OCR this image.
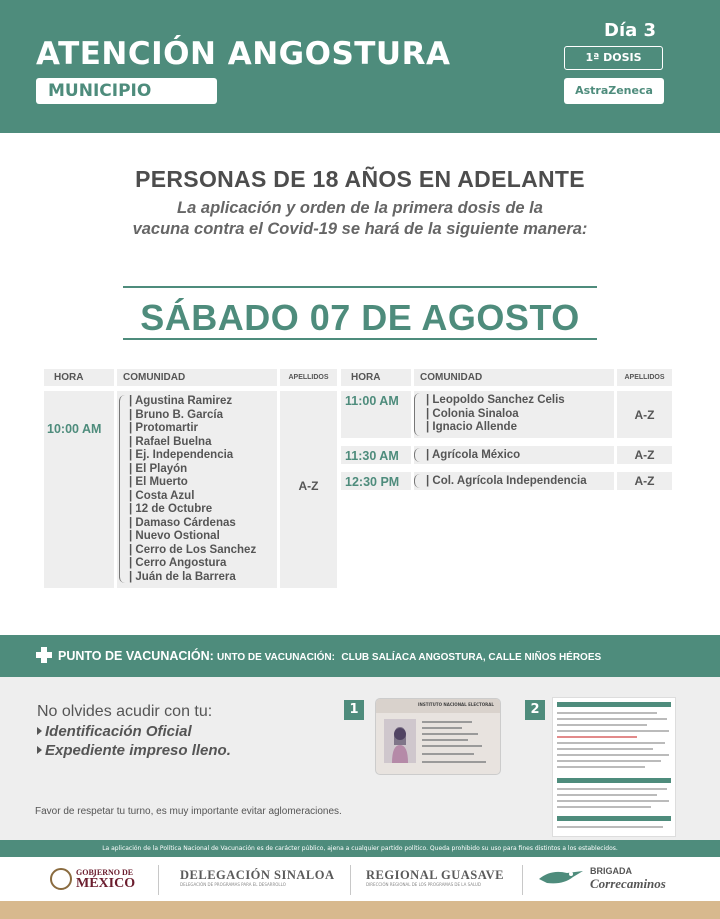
ATENCIÓN ANGOSTURA
MUNICIPIO
Día 3
1ª DOSIS
AstraZeneca
PERSONAS DE 18 AÑOS EN ADELANTE
La aplicación y orden de la primera dosis de la
vacuna contra el Covid-19 se hará de la siguiente manera:
SÁBADO 07 DE AGOSTO
HORA	COMUNIDAD	APELLIDOS	HORA	COMUNIDAD	APELLIDOS
10:00 AM
| Agustina Ramirez
| Bruno B. García
| Protomartir
| Rafael Buelna
| Ej. Independencia
| El Playón
| El Muerto
| Costa Azul
| 12 de Octubre
| Damaso Cárdenas
| Nuevo Ostional
| Cerro de Los Sanchez
| Cerro Angostura
| Juán de la Barrera
A-Z
11:00 AM | Leopoldo Sanchez Celis
| Colonia Sinaloa
| Ignacio Allende
A-Z
11:30 AM | Agrícola México	A-Z
12:30 PM | Col. Agrícola Independencia	A-Z
PUNTO DE VACUNACIÓN: UNTO DE VACUNACIÓN: CLUB SALÍACA ANGOSTURA, CALLE NIÑOS HÉROES
No olvides acudir con tu:
Identificación Oficial
Expediente impreso lleno.
Favor de respetar tu turno, es muy importante evitar aglomeraciones.
1	INSTITUTO NACIONAL ELECTORAL	2
La aplicación de la Política Nacional de Vacunación es de carácter público, ajena a cualquier partido político. Queda prohibido su uso para fines distintos a los establecidos.
GOBIERNO DE
MÉXICO
DELEGACIÓN SINALOA
DELEGACIÓN DE PROGRAMAS PARA EL DESARROLLO
REGIONAL GUASAVE
DIRECCIÓN REGIONAL DE LOS PROGRAMAS DE LA SALUD
BRIGADA
Correcaminos
